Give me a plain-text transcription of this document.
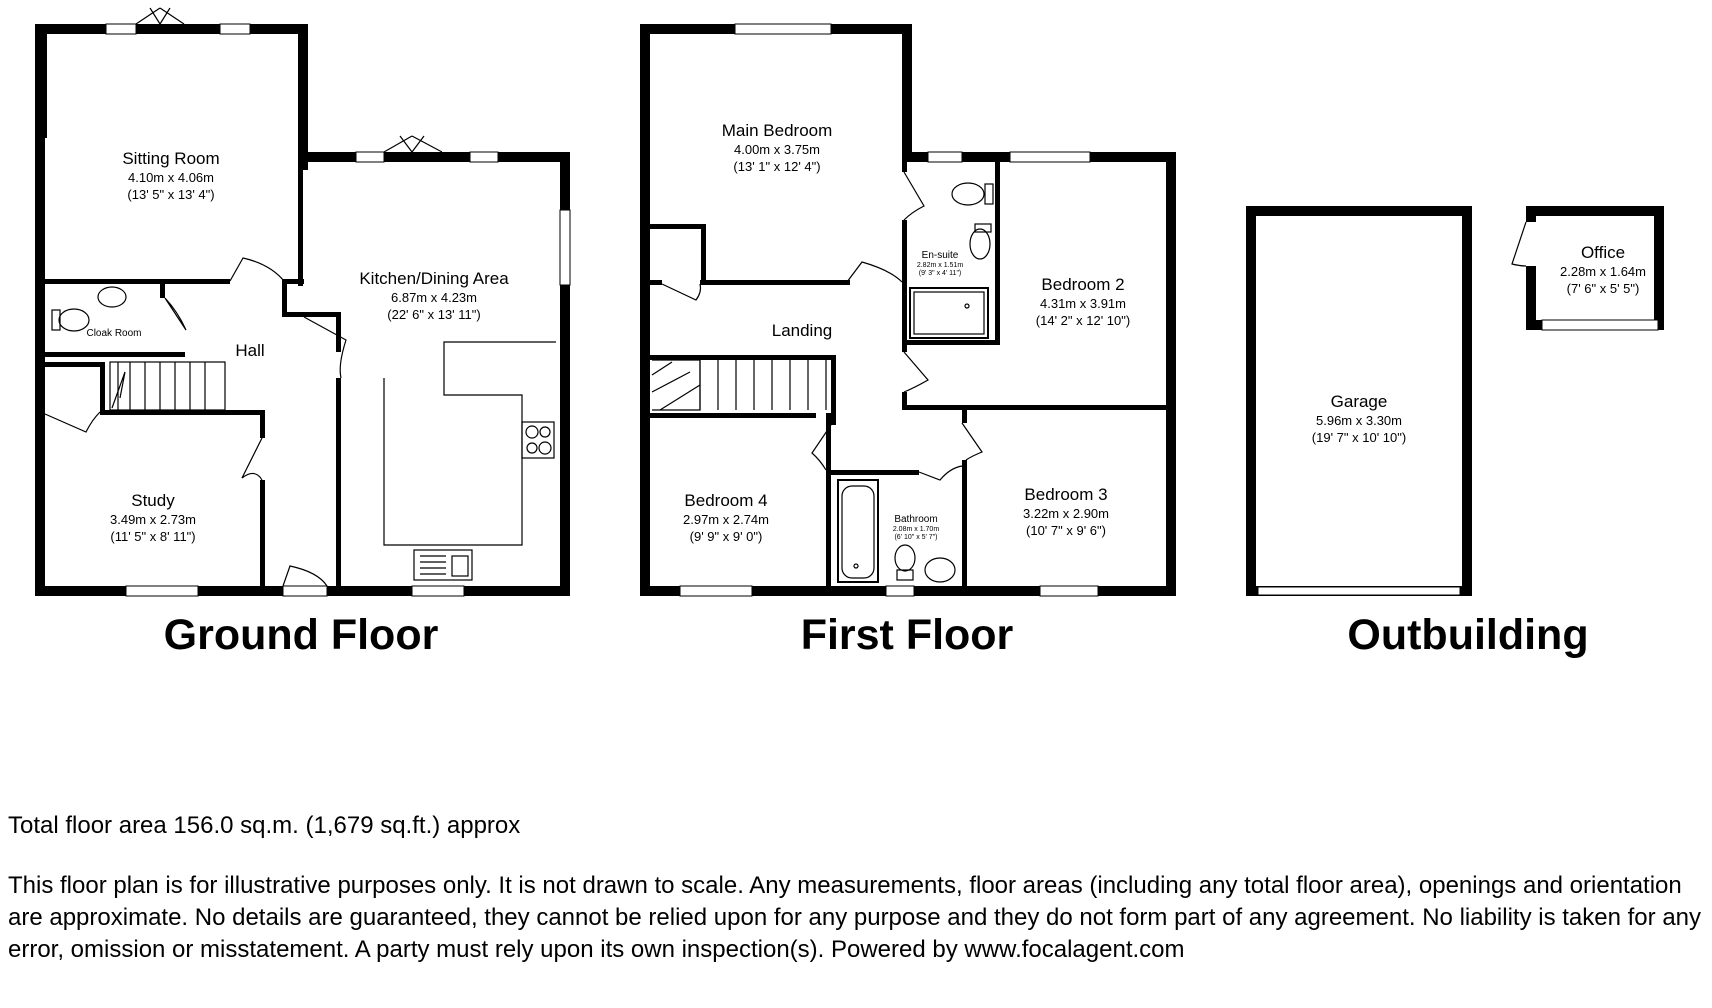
Sitting Room
4.10m x 4.06m
(13' 5" x 13' 4")
Kitchen/Dining Area
6.87m x 4.23m
(22' 6" x 13' 11")
Cloak Room
Hall
Study
3.49m x 2.73m
(11' 5" x 8' 11")
Main Bedroom
4.00m x 3.75m
(13' 1" x 12' 4")
En-suite
2.82m x 1.51m
(9' 3" x 4' 11")
Bedroom 2
4.31m x 3.91m
(14' 2" x 12' 10")
Landing
Bedroom 4
2.97m x 2.74m
(9' 9" x 9' 0")
Bathroom
2.08m x 1.70m
(6' 10" x 5' 7")
Bedroom 3
3.22m x 2.90m
(10' 7" x 9' 6")
Garage
5.96m x 3.30m
(19' 7" x 10' 10")
Office
2.28m x 1.64m
(7' 6" x 5' 5")
Ground Floor	First Floor	Outbuilding
Total floor area 156.0 sq.m. (1,679 sq.ft.) approx
This floor plan is for illustrative purposes only. It is not drawn to scale. Any measurements, floor areas (including any total floor area), openings and orientation are approximate. No details are guaranteed, they cannot be relied upon for any purpose and they do not form part of any agreement. No liability is taken for any error, omission or misstatement. A party must rely upon its own inspection(s). Powered by www.focalagent.com
